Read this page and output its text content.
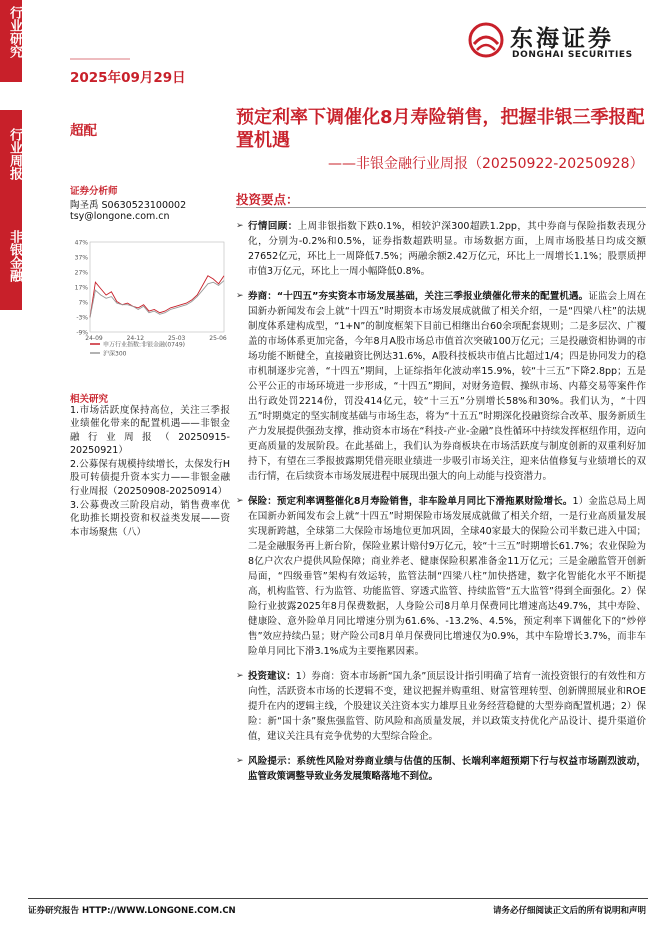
行业研究
行业周报
非银金融
2025年09月29日
超配
东海证券
DONGHAI SECURITIES
预定利率下调催化8月寿险销售，把握非银三季报配置机遇
——非银金融行业周报（20250922-20250928）
证券分析师
陶圣禹 S0630523100002
tsy@longone.com.cn
47%
37%
27%
17%
7%
-3%
-9%
24-09	24-12	25-03	25-06
申万行业指数:非银金融(0749)
沪深300
相关研究

1.市场活跃度保持高位，关注三季报业绩催化带来的配置机遇——非银金融行业周报（20250915-20250921）

2.公募保有规模持续增长，太保发行H股可转债提升资本实力——非银金融行业周报（20250908-20250914）

3.公募费改三阶段启动，销售费率优化助推长期投资和权益类发展——资本市场聚焦（八）

投资要点：
➢ 行情回顾：上周非银指数下跌0.1%，相较沪深300超跌1.2pp，其中券商与保险指数表现分化，分别为-0.2%和0.5%，证券指数超跌明显。市场数据方面，上周市场股基日均成交额27652亿元，环比上一周降低7.5%；两融余额2.42万亿元，环比上一周增长1.1%；股票质押市值3万亿元，环比上一周小幅降低0.8%。
➢ 券商：“十四五”夯实资本市场发展基础，关注三季报业绩催化带来的配置机遇。证监会上周在国新办新闻发布会上就“十四五”时期资本市场发展成就做了相关介绍，一是“四梁八柱”的法规制度体系建构成型，“1+N”的制度框架下目前已相继出台60余项配套规则；二是多层次、广覆盖的市场体系更加完备，今年8月A股市场总市值首次突破100万亿元；三是投融资相协调的市场功能不断健全，直接融资比例达31.6%，A股科技板块市值占比超过1/4；四是协同发力的稳市机制逐步完善，“十四五”期间，上证综指年化波动率15.9%，较“十三五”下降2.8pp；五是公平公正的市场环境进一步形成，“十四五”期间，对财务造假、操纵市场、内幕交易等案件作出行政处罚2214份，罚没414亿元，较“十三五”分别增长58%和30%。我们认为，“十四五”时期奠定的坚实制度基础与市场生态，将为“十五五”时期深化投融资综合改革、服务新质生产力发展提供强劲支撑，推动资本市场在“科技-产业-金融”良性循环中持续发挥枢纽作用，迈向更高质量的发展阶段。在此基础上，我们认为券商板块在市场活跃度与制度创新的双重利好加持下，有望在三季报披露期凭借亮眼业绩进一步吸引市场关注，迎来估值修复与业绩增长的双击行情，在后续资本市场发展进程中展现出强大的向上动能与投资潜力。
➢ 保险：预定利率调整催化8月寿险销售，非车险单月同比下滑拖累财险增长。1）金监总局上周在国新办新闻发布会上就“十四五”时期保险市场发展成就做了相关介绍，一是行业高质量发展实现新跨越，全球第二大保险市场地位更加巩固，全球40家最大的保险公司半数已进入中国；二是金融服务再上新台阶，保险业累计赔付9万亿元，较“十三五”时期增长61.7%；农业保险为8亿户次农户提供风险保障；商业养老、健康保险积累准备金11万亿元；三是金融监管开创新局面，“四级垂管”架构有效运转，监管法制“四梁八柱”加快搭建，数字化智能化水平不断提高，机构监管、行为监管、功能监管、穿透式监管、持续监管“五大监管”得到全面强化。2）保险行业披露2025年8月保费数据，人身险公司8月单月保费同比增速高达49.7%，其中寿险、健康险、意外险单月同比增速分别为61.6%、-13.2%、4.5%，预定利率下调催化下的“炒停售”效应持续凸显；财产险公司8月单月保费同比增速仅为0.9%，其中车险增长3.7%，而非车险单月同比下滑3.1%成为主要拖累因素。
➢ 投资建议：1）券商：资本市场新“国九条”顶层设计指引明确了培育一流投资银行的有效性和方向性，活跃资本市场的长逻辑不变，建议把握并购重组、财富管理转型、创新牌照展业和ROE提升在内的逻辑主线，个股建议关注资本实力雄厚且业务经营稳健的大型券商配置机遇；2）保险：新“国十条”聚焦强监管、防风险和高质量发展，并以政策支持优化产品设计、提升渠道价值，建议关注具有竞争优势的大型综合险企。
➢ 风险提示：系统性风险对券商业绩与估值的压制、长端利率超预期下行与权益市场剧烈波动，监管政策调整导致业务发展策略落地不到位。
证券研究报告 HTTP://WWW.LONGONE.COM.CN	请务必仔细阅读正文后的所有说明和声明
